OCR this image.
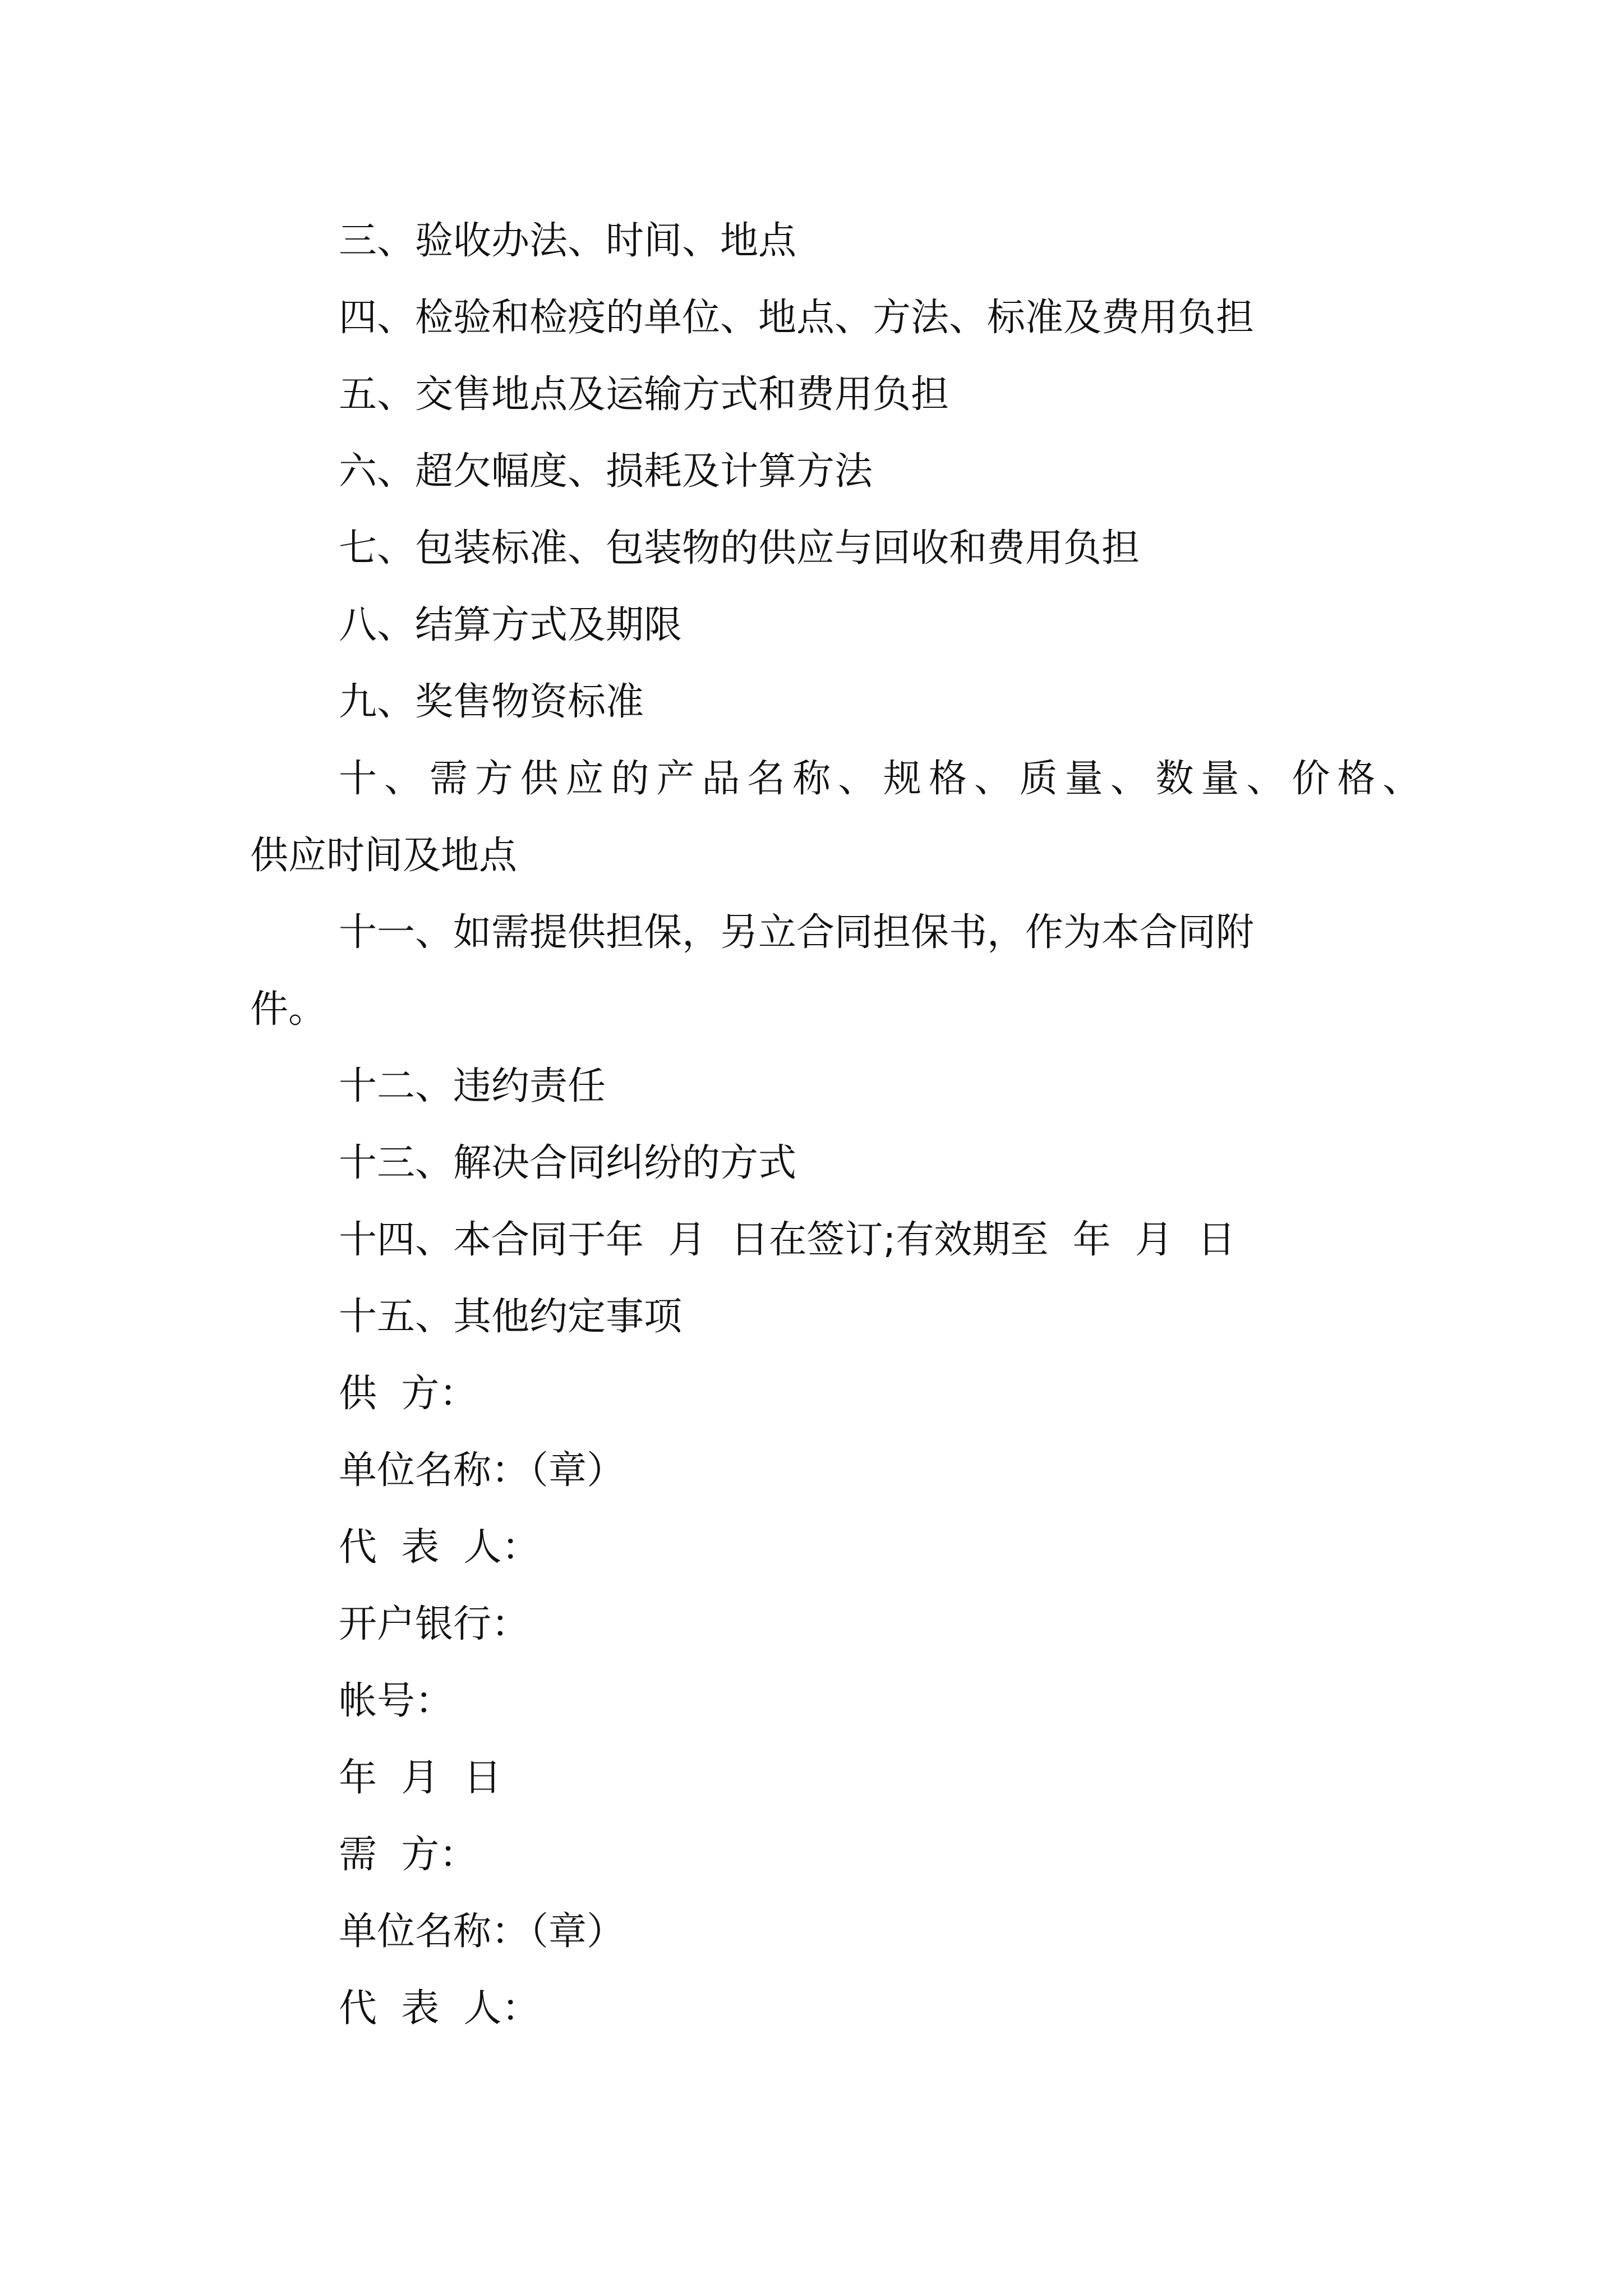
三、验收办法、时间、地点
四、检验和检疫的单位、地点、方法、标准及费用负担
五、交售地点及运输方式和费用负担
六、超欠幅度、损耗及计算方法
七、包装标准、包装物的供应与回收和费用负担
八、结算方式及期限
九、奖售物资标准
十、需方供应的产品名称、规格、质量、数量、价格、
供应时间及地点
十一、如需提供担保，另立合同担保书，作为本合同附
件。
十二、违约责任
十三、解决合同纠纷的方式
十四、本合同于年  月  日在签订;有效期至  年  月  日
十五、其他约定事项
供  方：
单位名称：（章）
代  表  人：
开户银行：
帐号：
年  月  日
需  方：
单位名称：（章）
代  表  人：
